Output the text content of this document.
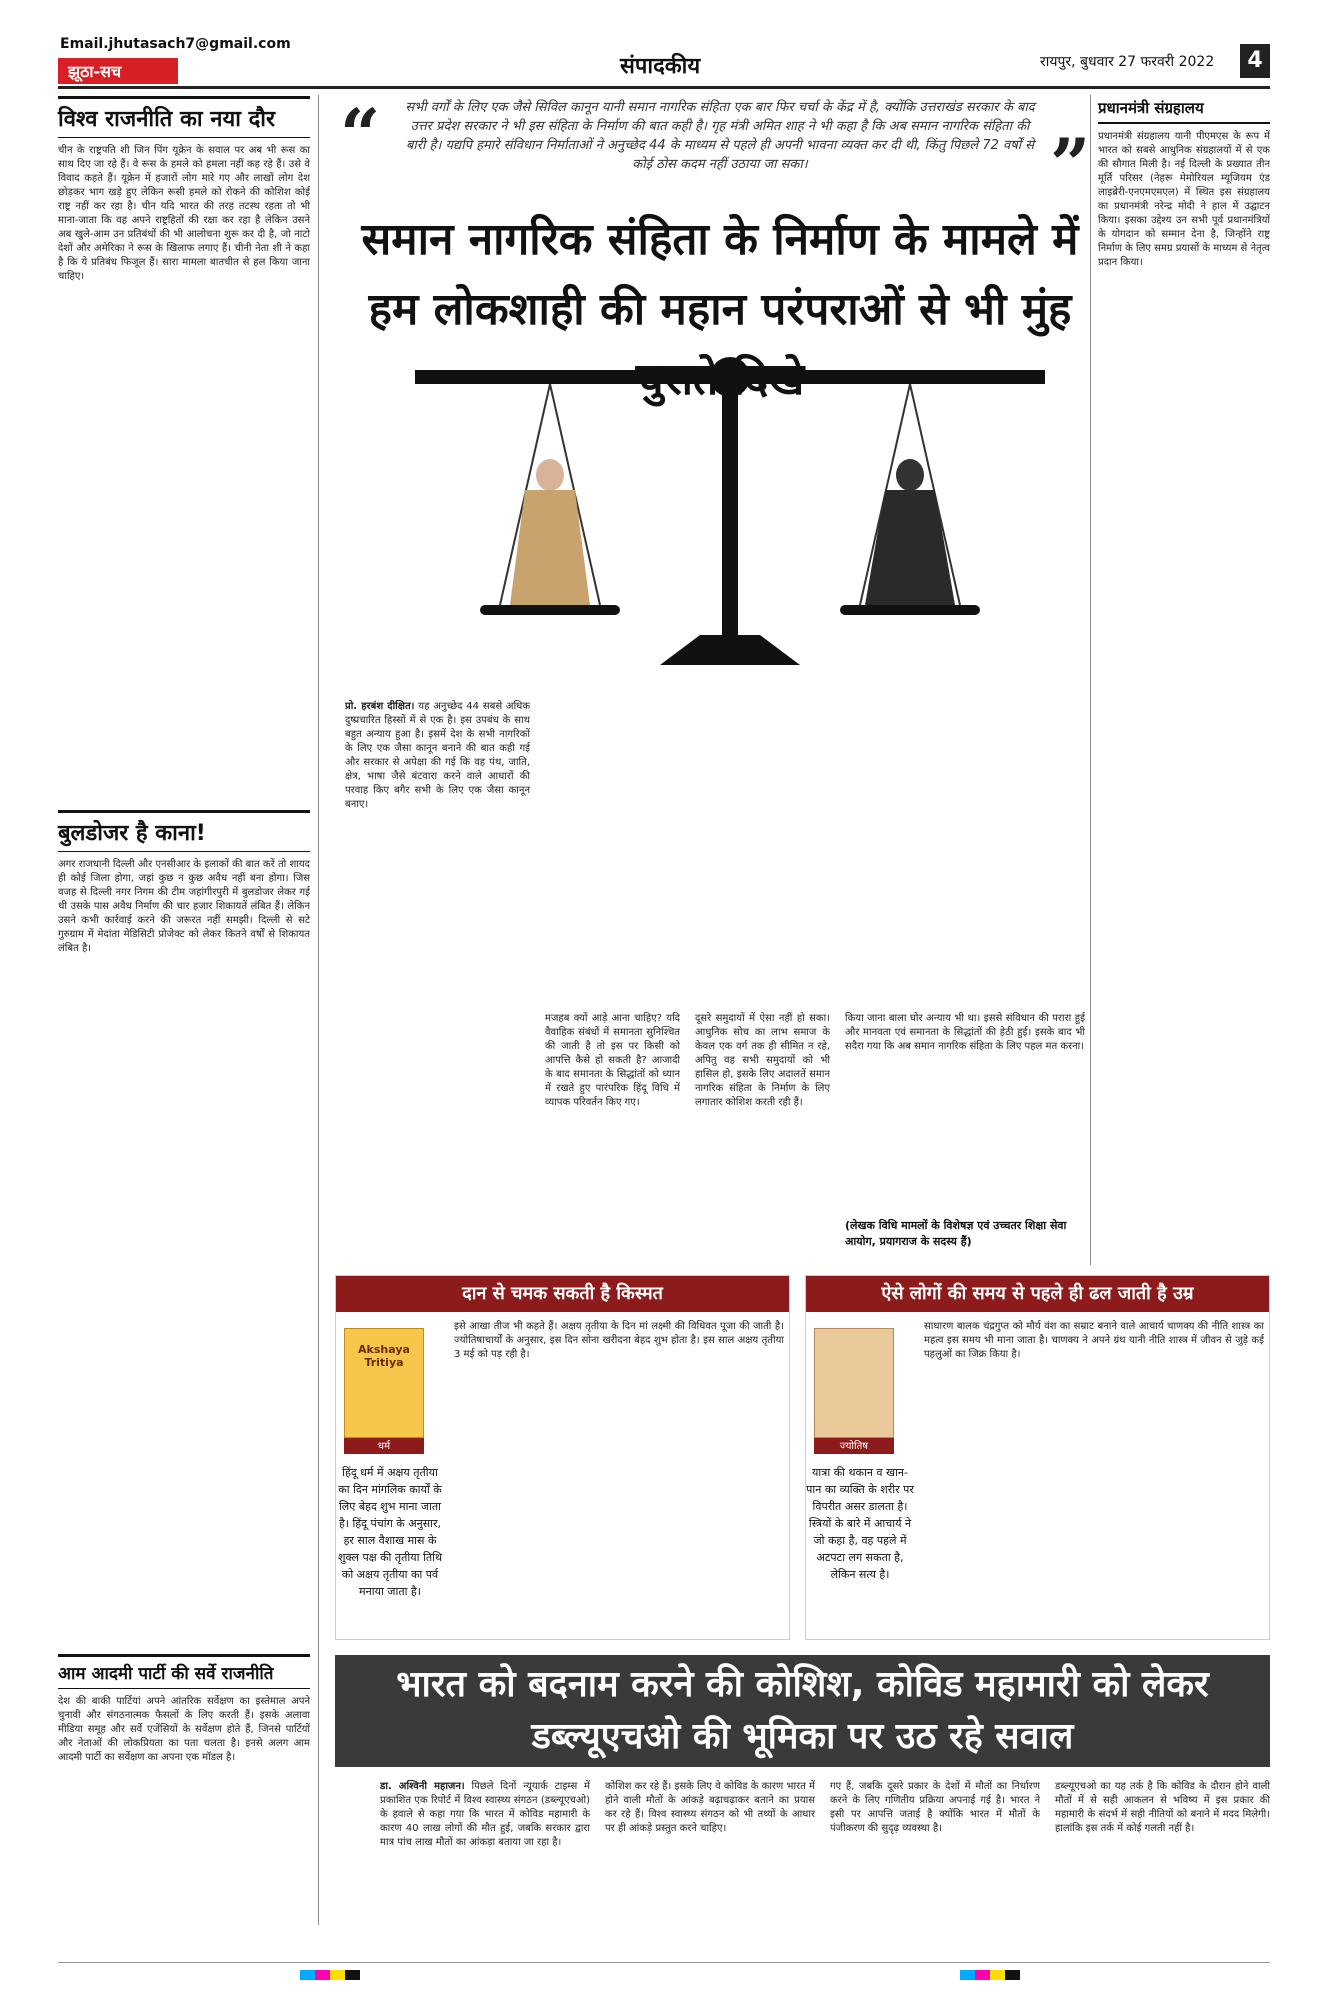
Email.jhutasach7@gmail.com
झूठा-सच	संपादकीय	रायपुर, बुधवार 27 फरवरी 2022	4
विश्व राजनीति का नया दौर
चीन के राष्ट्रपति शी जिन पिंग यूक्रेन के सवाल पर अब भी रूस का साथ दिए जा रहे हैं। वे रूस के हमले को हमला नहीं कह रहे हैं। उसे वे विवाद कहते हैं। यूक्रेन में हजारों लोग मारे गए और लाखों लोग देश छोड़कर भाग खड़े हुए लेकिन रूसी हमले को रोकने की कोशिश कोई राष्ट्र नहीं कर रहा है। चीन यदि भारत की तरह तटस्थ रहता तो भी माना-जाता कि वह अपने राष्ट्रहितों की रक्षा कर रहा है लेकिन उसने अब खुले-आम उन प्रतिबंधों की भी आलोचना शुरू कर दी है, जो नाटो देशों और अमेरिका ने रूस के खिलाफ लगाए हैं। चीनी नेता शी ने कहा है कि ये प्रतिबंध फिजूल हैं। सारा मामला बातचीत से हल किया जाना चाहिए।
बुलडोजर है काना!
अगर राजधानी दिल्ली और एनसीआर के इलाकों की बात करें तो शायद ही कोई जिला होगा, जहां कुछ न कुछ अवैध नहीं बना होगा। जिस वजह से दिल्ली नगर निगम की टीम जहांगीरपुरी में बुलडोजर लेकर गई थी उसके पास अवैध निर्माण की चार हजार शिकायतें लंबित हैं। लेकिन उसने कभी कार्रवाई करने की जरूरत नहीं समझी। दिल्ली से सटे गुरुग्राम में मेदांता मेडिसिटी प्रोजेक्ट को लेकर कितने वर्षों से शिकायत लंबित है।
आम आदमी पार्टी की सर्वे राजनीति
देश की बाकी पार्टियां अपने आंतरिक सर्वेक्षण का इस्तेमाल अपने चुनावी और संगठनात्मक फैसलों के लिए करती हैं। इसके अलावा मीडिया समूह और सर्वे एजेंसियों के सर्वेक्षण होते हैं, जिनसे पार्टियों और नेताओं की लोकप्रियता का पता चलता है। इनसे अलग आम आदमी पार्टी का सर्वेक्षण का अपना एक मॉडल है।
“	सभी वर्गों के लिए एक जैसे सिविल कानून यानी समान नागरिक संहिता एक बार फिर चर्चा के केंद्र में है, क्योंकि उत्तराखंड सरकार के बाद उत्तर प्रदेश सरकार ने भी इस संहिता के निर्माण की बात कही है। गृह मंत्री अमित शाह ने भी कहा है कि अब समान नागरिक संहिता की बारी है। यद्यपि हमारे संविधान निर्माताओं ने अनुच्छेद 44 के माध्यम से पहले ही अपनी भावना व्यक्त कर दी थी, किंतु पिछले 72 वर्षों से कोई ठोस कदम नहीं उठाया जा सका।	”
समान नागरिक संहिता के निर्माण के मामले में हम लोकशाही की महान परंपराओं से भी मुंह
प्रो. हरबंश दीक्षित। यह अनुच्छेद 44 सबसे अधिक दुष्प्रचारित हिस्सों में से एक है। इस उपबंध के साथ बहुत अन्याय हुआ है। इसमें देश के सभी नागरिकों के लिए एक जैसा कानून बनाने की बात कही गई और सरकार से अपेक्षा की गई कि वह पंथ, जाति, क्षेत्र, भाषा जैसे बंटवारा करने वाले आधारों की परवाह किए बगैर सभी के लिए एक जैसा कानून बनाए।
मजहब क्यों आड़े आना चाहिए? यदि वैवाहिक संबंधों में समानता सुनिश्चित की जाती है तो इस पर किसी को आपत्ति कैसे हो सकती है? आजादी के बाद समानता के सिद्धांतों को ध्यान में रखते हुए पारंपरिक हिंदू विधि में व्यापक परिवर्तन किए गए।
दूसरे समुदायों में ऐसा नहीं हो सका। आधुनिक सोच का लाभ समाज के केवल एक वर्ग तक ही सीमित न रहे, अपितु वह सभी समुदायों को भी हासिल हो, इसके लिए अदालतें समान नागरिक संहिता के निर्माण के लिए लगातार कोशिश करती रही हैं।
किया जाना बाला घोर अन्याय भी था। इससे संविधान की परारा हुई और मानवता एवं समानता के सिद्धांतों की हेठी हुई। इसके बाद भी सदैरा गया कि अब समान नागरिक संहिता के लिए पहल मत करना।
(लेखक विधि मामलों के विशेषज्ञ एवं उच्चतर शिक्षा सेवा आयोग, प्रयागराज के सदस्य हैं)
प्रधानमंत्री संग्रहालय
प्रधानमंत्री संग्रहालय यानी पीएमएस के रूप में भारत को सबसे आधुनिक संग्रहालयों में से एक की सौगात मिली है। नई दिल्ली के प्रख्यात तीन मूर्ति परिसर (नेहरू मेमोरियल म्यूजियम एंड लाइब्रेरी-एनएमएमएल) में स्थित इस संग्रहालय का प्रधानमंत्री नरेन्द्र मोदी ने हाल में उद्घाटन किया। इसका उद्देश्य उन सभी पूर्व प्रधानमंत्रियों के योगदान को सम्मान देना है, जिन्होंने राष्ट्र निर्माण के लिए समग्र प्रयासों के माध्यम से नेतृत्व प्रदान किया।
दान से चमक सकती है किस्मत
Akshaya Tritiya
धर्म
हिंदू धर्म में अक्षय तृतीया का दिन मांगलिक कार्यों के लिए बेहद शुभ माना जाता है। हिंदू पंचांग के अनुसार, हर साल वैशाख मास के शुक्ल पक्ष की तृतीया तिथि को अक्षय तृतीया का पर्व मनाया जाता है।
इसे आखा तीज भी कहते हैं। अक्षय तृतीया के दिन मां लक्ष्मी की विधिवत पूजा की जाती है। ज्योतिषाचार्यों के अनुसार, इस दिन सोना खरीदना बेहद शुभ होता है। इस साल अक्षय तृतीया 3 मई को पड़ रही है।
ऐसे लोगों की समय से पहले ही ढल जाती है उम्र
ज्योतिष
यात्रा की थकान व खान-पान का व्यक्ति के शरीर पर विपरीत असर डालता है। स्त्रियों के बारे में आचार्य ने जो कहा है, वह पहले में अटपटा लग सकता है, लेकिन सत्य है।
साधारण बालक चंद्रगुप्त को मौर्य वंश का सम्राट बनाने वाले आचार्य चाणक्य की नीति शास्त्र का महत्व इस समय भी माना जाता है। चाणक्य ने अपने ग्रंथ यानी नीति शास्त्र में जीवन से जुड़े कई पहलुओं का जिक्र किया है।
भारत को बदनाम करने की कोशिश, कोविड महामारी को लेकर डब्ल्यूएचओ की भूमिका पर उठ रहे सवाल
डा. अश्विनी महाजन। पिछले दिनों न्यूयार्क टाइम्स में प्रकाशित एक रिपोर्ट में विश्व स्वास्थ्य संगठन (डब्ल्यूएचओ) के हवाले से कहा गया कि भारत में कोविड महामारी के कारण 40 लाख लोगों की मौत हुई, जबकि सरकार द्वारा मात्र पांच लाख मौतों का आंकड़ा बताया जा रहा है।
कोशिश कर रहे हैं। इसके लिए वे कोविड के कारण भारत में होने वाली मौतों के आंकड़े बढ़ाचढ़ाकर बताने का प्रयास कर रहे हैं। विश्व स्वास्थ्य संगठन को भी तथ्यों के आधार पर ही आंकड़े प्रस्तुत करने चाहिए।
गए हैं, जबकि दूसरे प्रकार के देशों में मौतों का निर्धारण करने के लिए गणितीय प्रक्रिया अपनाई गई है। भारत ने इसी पर आपत्ति जताई है क्योंकि भारत में मौतों के पंजीकरण की सुदृढ़ व्यवस्था है।
डब्ल्यूएचओ का यह तर्क है कि कोविड के दौरान होने वाली मौतों में से सही आकलन से भविष्य में इस प्रकार की महामारी के संदर्भ में सही नीतियों को बनाने में मदद मिलेगी। हालांकि इस तर्क में कोई गलती नहीं है।
